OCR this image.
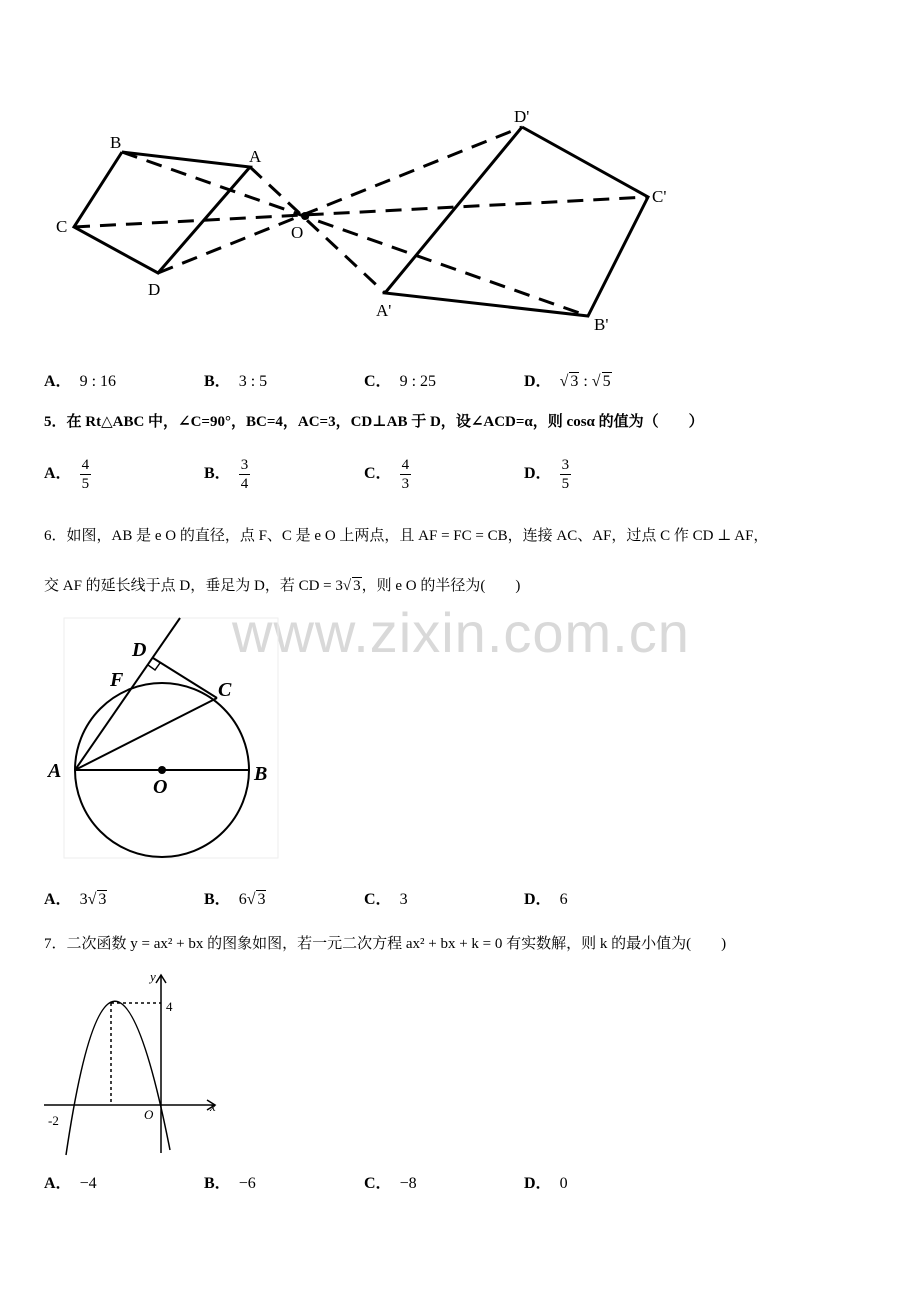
www.zixin.com.cn
B
A
C
D
O
D'
C'
A'
B'
A． 9 : 16	B． 3 : 5	C． 9 : 25	D． √ 3 : √ 5
5．在 Rt△ABC 中，∠C=90°，BC=4，AC=3，CD⊥AB 于 D，设∠ACD=α，则 cosα 的值为（　　）
A． $\frac{4}{5}$	B． $\frac{3}{4}$	C． $\frac{4}{3}$	D． $\frac{3}{5}$
6．如图，AB 是 e O 的直径，点 F、C 是 e O 上两点，且 AF = FC = CB，连接 AC、AF，过点 C 作 CD ⊥ AF，
交 AF 的延长线于点 D，垂足为 D，若 CD = 3√ 3，则 e O 的半径为(　　)
D
F	C
A
O
B
A． 3√ 3	B． 6√ 3	C． 3	D． 6
7．二次函数 y = ax² + bx 的图象如图，若一元二次方程 ax² + bx + k = 0 有实数解，则 k 的最小值为(　　)
y
x
4
-2	O
A． −4	B． −6	C． −8	D． 0
